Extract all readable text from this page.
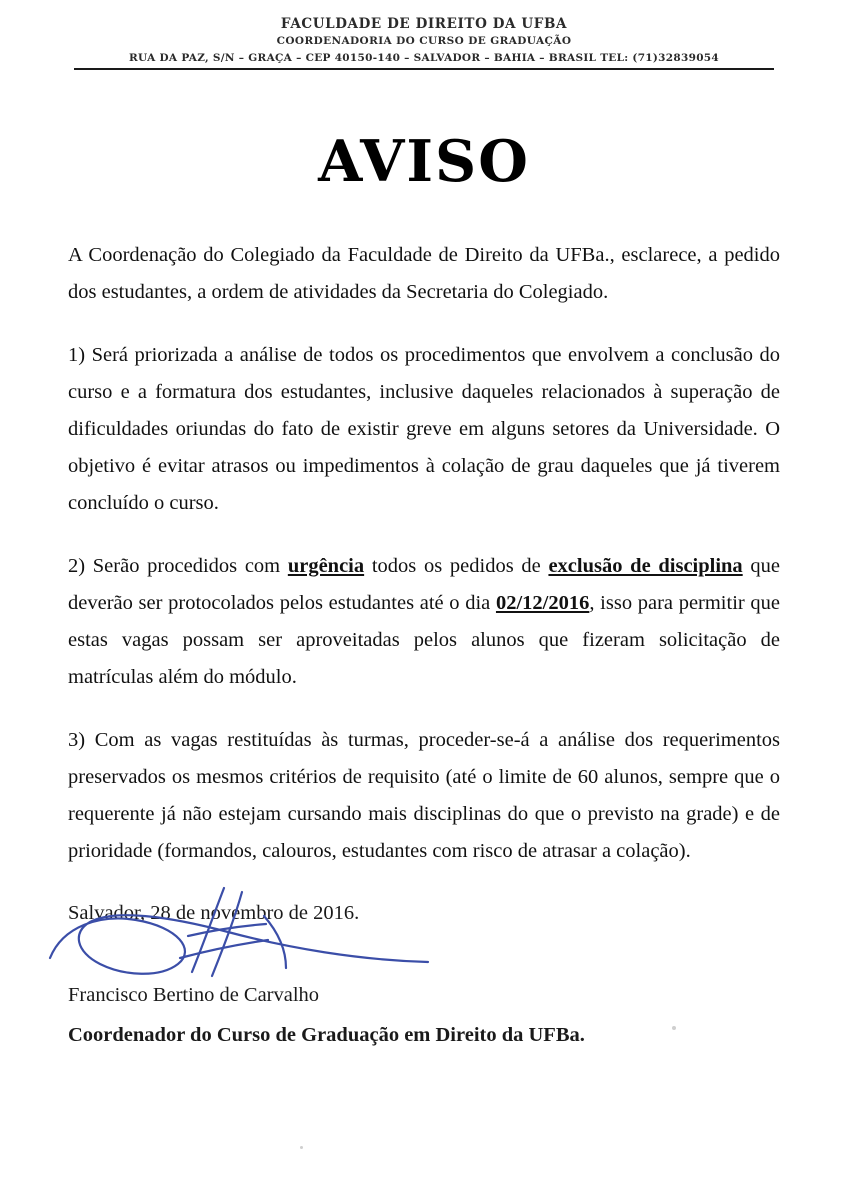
FACULDADE DE DIREITO DA UFBA
COORDENADORIA DO CURSO DE GRADUAÇÃO
RUA DA PAZ, S/N – GRAÇA – CEP 40150-140 – SALVADOR – BAHIA – BRASIL TEL: (71)32839054
AVISO

A Coordenação do Colegiado da Faculdade de Direito da UFBa., esclarece, a pedido dos estudantes, a ordem de atividades da Secretaria do Colegiado.

1) Será priorizada a análise de todos os procedimentos que envolvem a conclusão do curso e a formatura dos estudantes, inclusive daqueles relacionados à superação de dificuldades oriundas do fato de existir greve em alguns setores da Universidade. O objetivo é evitar atrasos ou impedimentos à colação de grau daqueles que já tiverem concluído o curso.

2) Serão procedidos com urgência todos os pedidos de exclusão de disciplina que deverão ser protocolados pelos estudantes até o dia 02/12/2016, isso para permitir que estas vagas possam ser aproveitadas pelos alunos que fizeram solicitação de matrículas além do módulo.

3) Com as vagas restituídas às turmas, proceder-se-á a análise dos requerimentos preservados os mesmos critérios de requisito (até o limite de 60 alunos, sempre que o requerente já não estejam cursando mais disciplinas do que o previsto na grade) e de prioridade (formandos, calouros, estudantes com risco de atrasar a colação).

Salvador, 28 de novembro de 2016.

Francisco Bertino de Carvalho

Coordenador do Curso de Graduação em Direito da UFBa.
